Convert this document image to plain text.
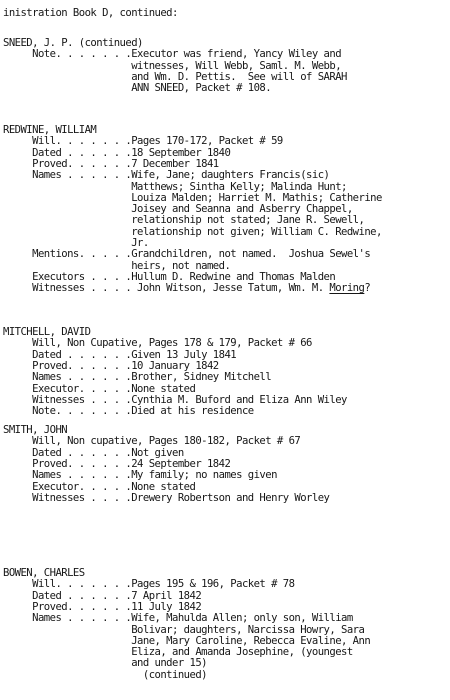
inistration Book D, continued:
SNEED, J. P. (continued)
Note. . . . . . .Executor was friend, Yancy Wiley and
witnesses, Will Webb, Saml. M. Webb,
and Wm. D. Pettis.  See will of SARAH
ANN SNEED, Packet # 108.
REDWINE, WILLIAM
Will. . . . . . .Pages 170-172, Packet # 59
Dated . . . . . .18 September 1840
Proved. . . . . .7 December 1841
Names . . . . . .Wife, Jane; daughters Francis(sic)
Matthews; Sintha Kelly; Malinda Hunt;
Louiza Malden; Harriet M. Mathis; Catherine
Joisey and Seanna and Asberry Chappel,
relationship not stated; Jane R. Sewell,
relationship not given; William C. Redwine,
Jr.
Mentions. . . . .Grandchildren, not named.  Joshua Sewel's
heirs, not named.
Executors . . . .Hullum D. Redwine and Thomas Malden
Witnesses . . . . John Witson, Jesse Tatum, Wm. M. Moring?
MITCHELL, DAVID
Will, Non Cupative, Pages 178 & 179, Packet # 66
Dated . . . . . .Given 13 July 1841
Proved. . . . . .10 January 1842
Names . . . . . .Brother, Sidney Mitchell
Executor. . . . .None stated
Witnesses . . . .Cynthia M. Buford and Eliza Ann Wiley
Note. . . . . . .Died at his residence
SMITH, JOHN
Will, Non cupative, Pages 180-182, Packet # 67
Dated . . . . . .Not given
Proved. . . . . .24 September 1842
Names . . . . . .My family; no names given
Executor. . . . .None stated
Witnesses . . . .Drewery Robertson and Henry Worley
BOWEN, CHARLES
Will. . . . . . .Pages 195 & 196, Packet # 78
Dated . . . . . .7 April 1842
Proved. . . . . .11 July 1842
Names . . . . . .Wife, Mahulda Allen; only son, William
Bolivar; daughters, Narcissa Howry, Sara
Jane, Mary Caroline, Rebecca Evaline, Ann
Eliza, and Amanda Josephine, (youngest
and under 15)
(continued)
